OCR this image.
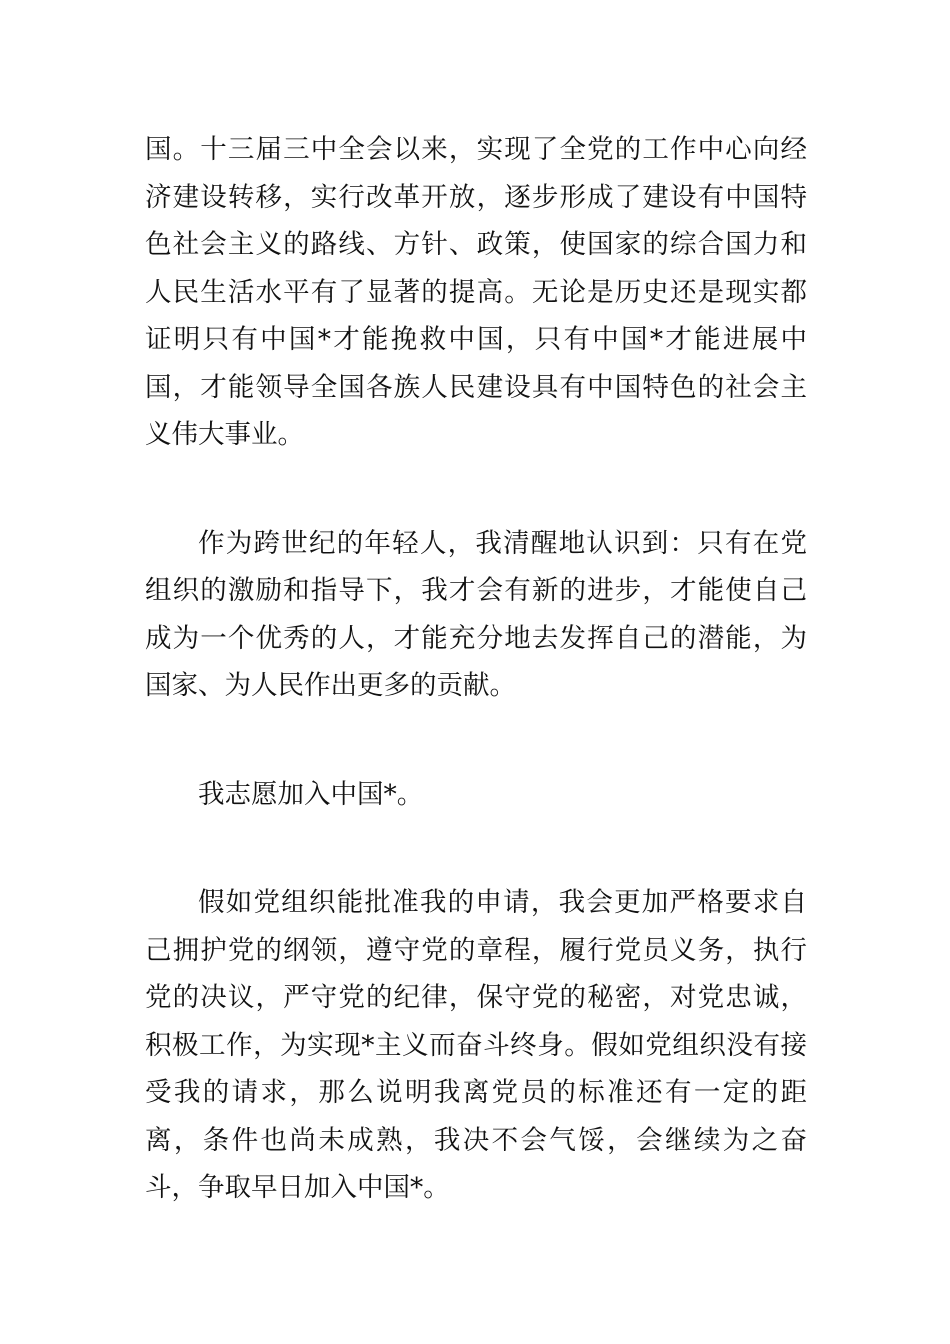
国。十三届三中全会以来，实现了全党的工作中心向经济建设转移，实行改革开放，逐步形成了建设有中国特色社会主义的路线、方针、政策，使国家的综合国力和人民生活水平有了显著的提高。无论是历史还是现实都证明只有中国*才能挽救中国，只有中国*才能进展中国，才能领导全国各族人民建设具有中国特色的社会主义伟大事业。

作为跨世纪的年轻人，我清醒地认识到：只有在党组织的激励和指导下，我才会有新的进步，才能使自己成为一个优秀的人，才能充分地去发挥自己的潜能，为国家、为人民作出更多的贡献。

我志愿加入中国*。

假如党组织能批准我的申请，我会更加严格要求自己拥护党的纲领，遵守党的章程，履行党员义务，执行党的决议，严守党的纪律，保守党的秘密，对党忠诚，积极工作，为实现*主义而奋斗终身。假如党组织没有接受我的请求，那么说明我离党员的标准还有一定的距离，条件也尚未成熟，我决不会气馁，会继续为之奋斗，争取早日加入中国*。
